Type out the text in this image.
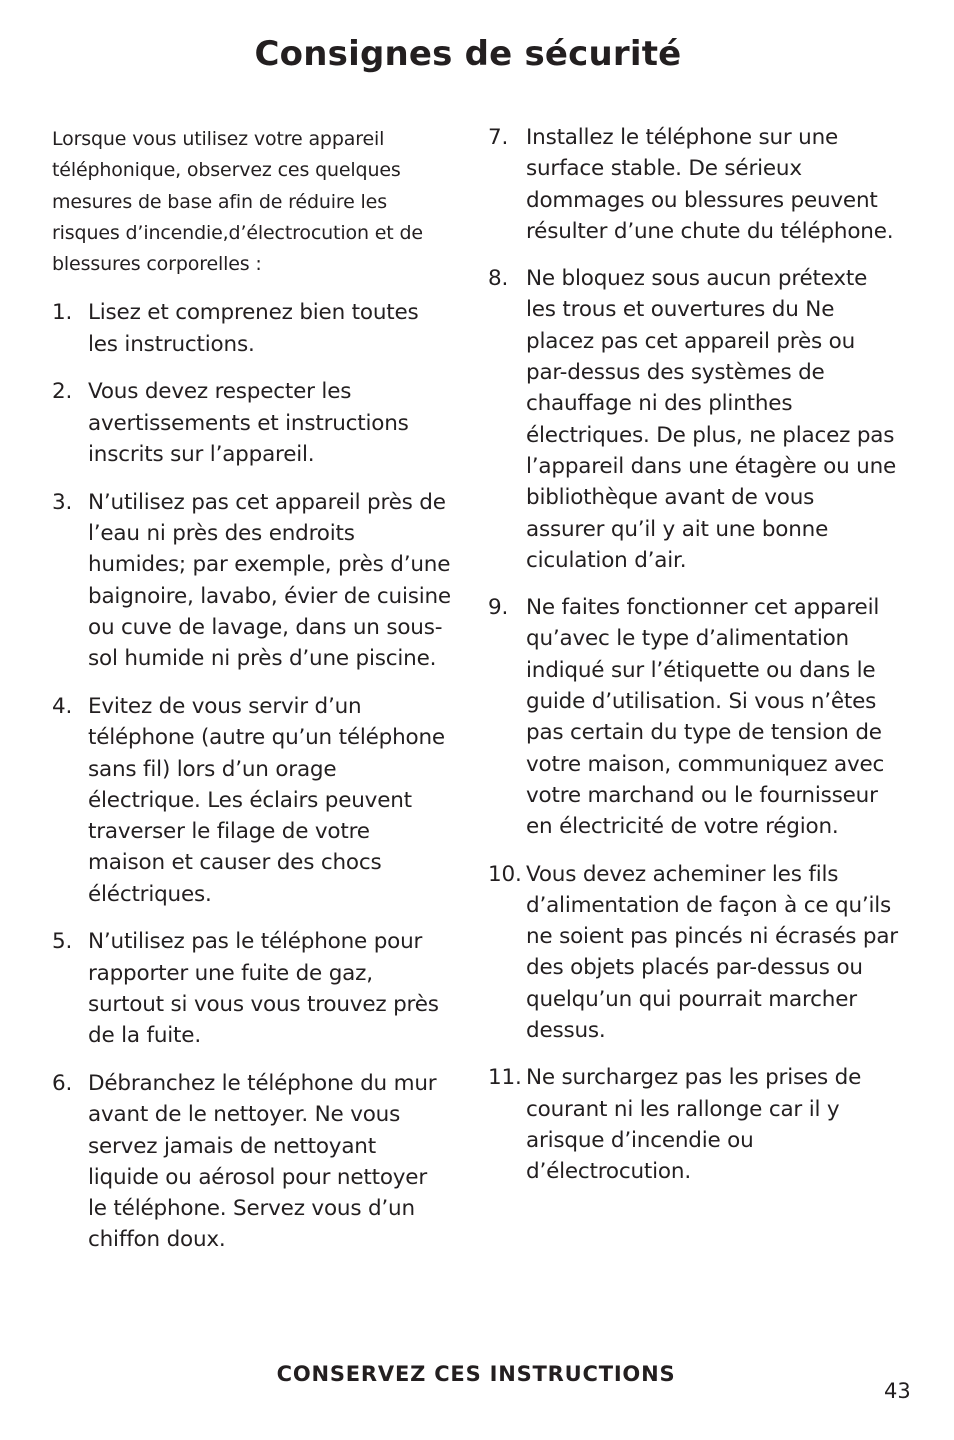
Consignes de sécurité

Lorsque vous utilisez votre appareil téléphonique, observez ces quelques mesures de base afin de réduire les risques d’incendie,d’électrocution et de blessures corporelles :

1. Lisez et comprenez bien toutes les instructions.
2. Vous devez respecter les avertissements et instructions inscrits sur l’appareil.
3. N’utilisez pas cet appareil près de l’eau ni près des endroits humides; par exemple, près d’une baignoire, lavabo, évier de cuisine ou cuve de lavage, dans un sous-sol humide ni près d’une piscine.
4. Evitez de vous servir d’un téléphone (autre qu’un téléphone sans fil) lors d’un orage électrique. Les éclairs peuvent traverser le filage de votre maison et causer des chocs éléctriques.
5. N’utilisez pas le téléphone pour rapporter une fuite de gaz, surtout si vous vous trouvez près de la fuite.
6. Débranchez le téléphone du mur avant de le nettoyer. Ne vous servez jamais de nettoyant liquide ou aérosol pour nettoyer le téléphone. Servez vous d’un chiffon doux.
7. Installez le téléphone sur une surface stable. De sérieux dommages ou blessures peuvent résulter d’une chute du téléphone.
8. Ne bloquez sous aucun prétexte les trous et ouvertures du Ne placez pas cet appareil près ou par-dessus des systèmes de chauffage ni des plinthes électriques. De plus, ne placez pas l’appareil dans une étagère ou une bibliothèque avant de vous assurer qu’il y ait une bonne ciculation d’air.
9. Ne faites fonctionner cet appareil qu’avec le type d’alimentation indiqué sur l’étiquette ou dans le guide d’utilisation. Si vous n’êtes pas certain du type de tension de votre maison, communiquez avec votre marchand ou le fournisseur en électricité de votre région.
10. Vous devez acheminer les fils d’alimentation de façon à ce qu’ils ne soient pas pincés ni écrasés par des objets placés par-dessus ou quelqu’un qui pourrait marcher dessus.
11. Ne surchargez pas les prises de courant ni les rallonge car il y arisque d’incendie ou d’électrocution.
CONSERVEZ CES INSTRUCTIONS
43
